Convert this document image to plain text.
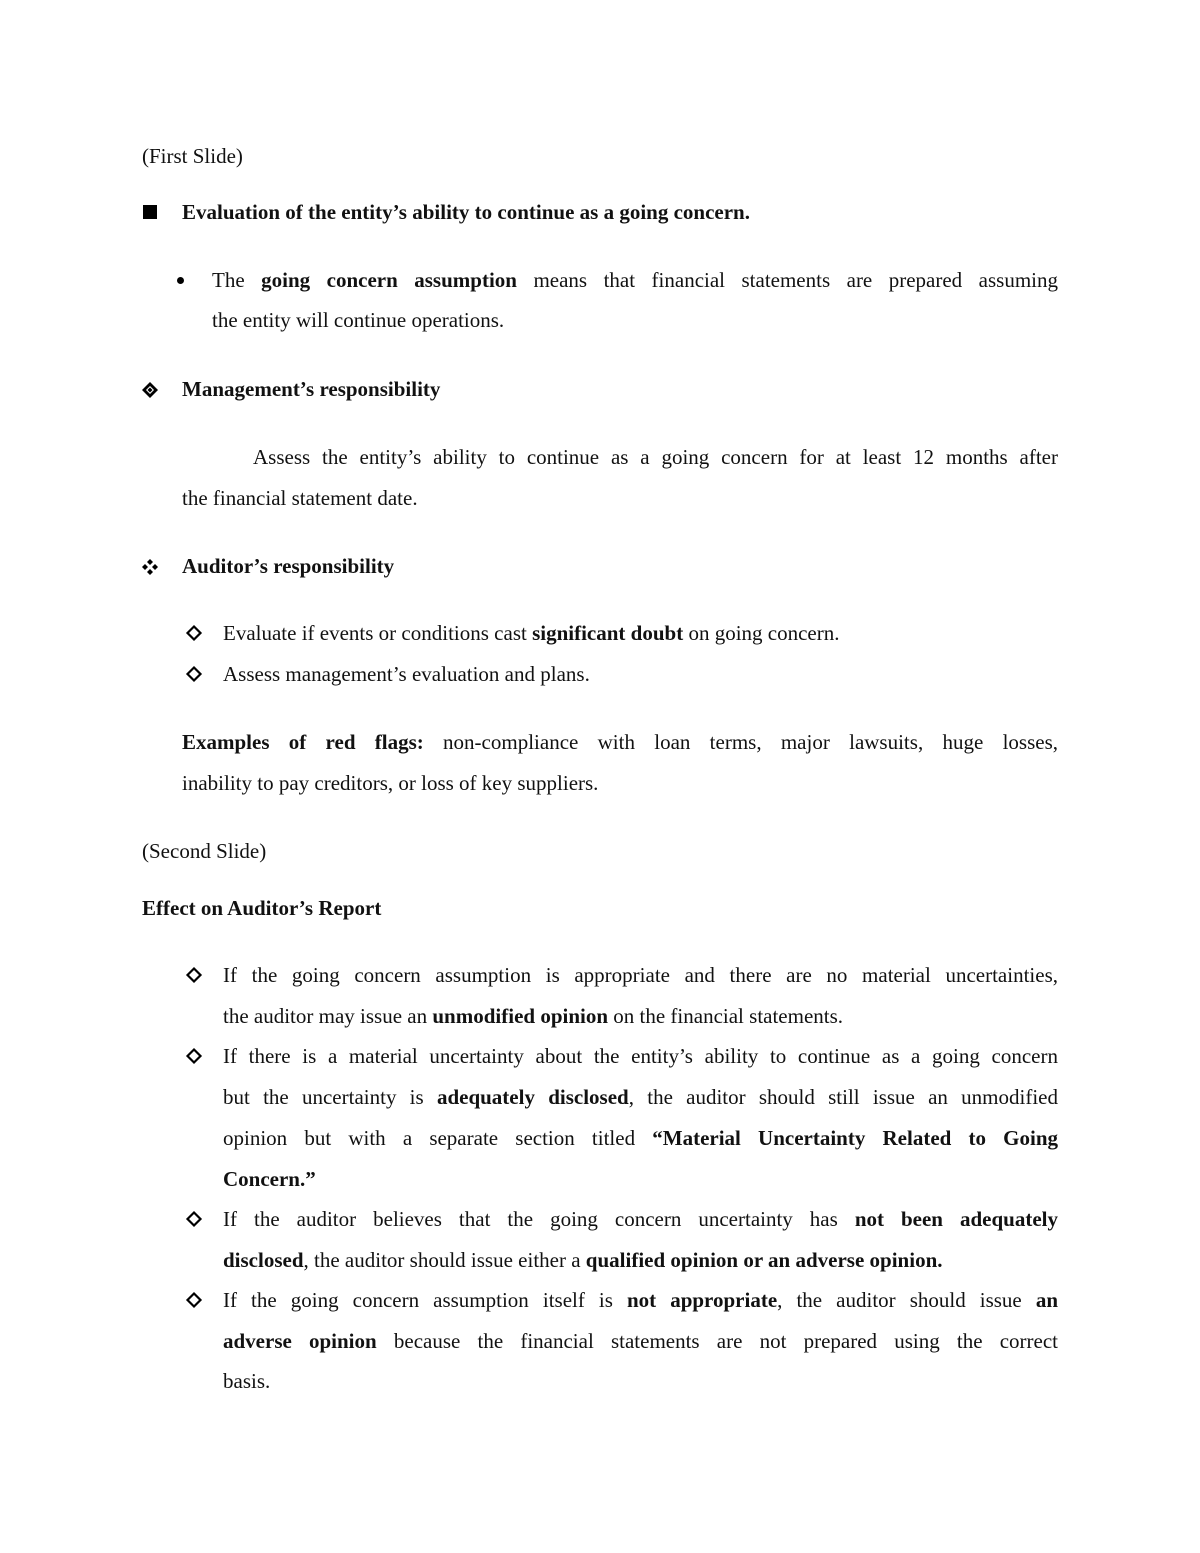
(First Slide)
Evaluation of the entity’s ability to continue as a going concern.
The going concern assumption means that financial statements are prepared assuming
the entity will continue operations.
Management’s responsibility
Assess the entity’s ability to continue as a going concern for at least 12 months after
the financial statement date.
Auditor’s responsibility
Evaluate if events or conditions cast significant doubt on going concern.
Assess management’s evaluation and plans.
Examples of red flags: non-compliance with loan terms, major lawsuits, huge losses,
inability to pay creditors, or loss of key suppliers.
(Second Slide)
Effect on Auditor’s Report
If the going concern assumption is appropriate and there are no material uncertainties,
the auditor may issue an unmodified opinion on the financial statements.
If there is a material uncertainty about the entity’s ability to continue as a going concern
but the uncertainty is adequately disclosed, the auditor should still issue an unmodified
opinion but with a separate section titled “Material Uncertainty Related to Going
Concern.”
If the auditor believes that the going concern uncertainty has not been adequately
disclosed, the auditor should issue either a qualified opinion or an adverse opinion.
If the going concern assumption itself is not appropriate, the auditor should issue an
adverse opinion because the financial statements are not prepared using the correct
basis.
